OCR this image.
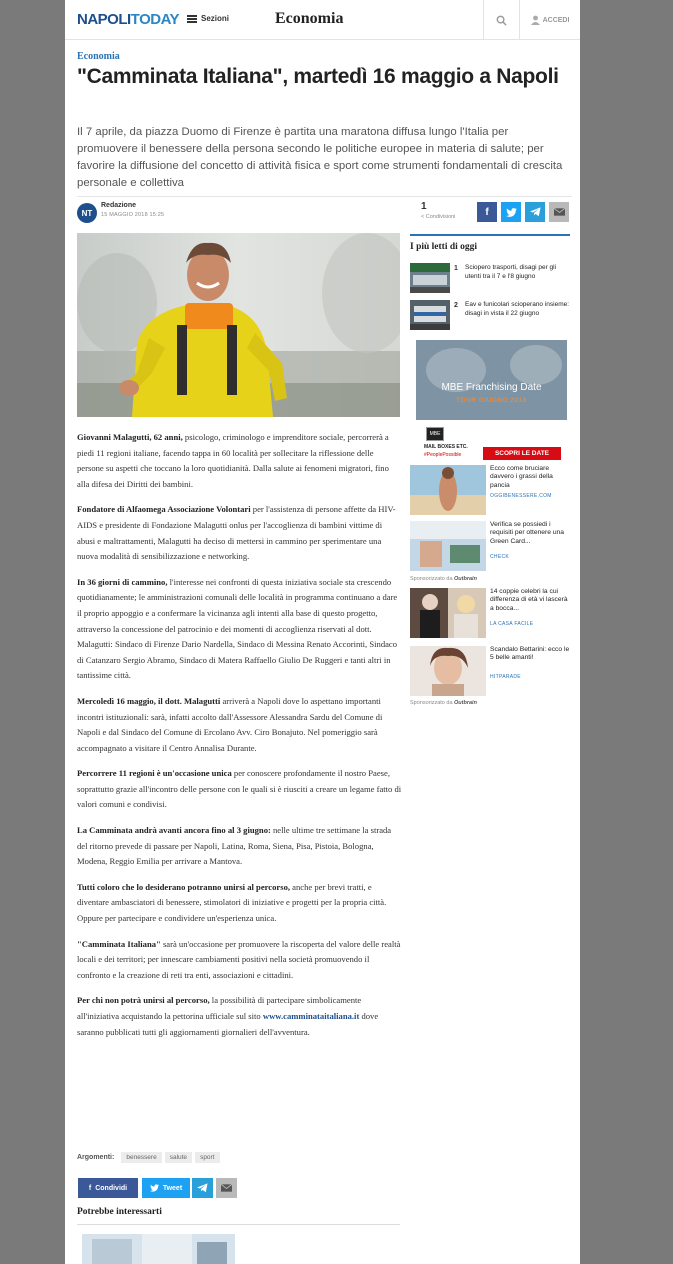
NAPOLITODAY	Sezioni	Economia	ACCEDI
Economia
"Camminata Italiana", martedì 16 maggio a Napoli

Il 7 aprile, da piazza Duomo di Firenze è partita una maratona diffusa lungo l'Italia per promuovere il benessere della persona secondo le politiche europee in materia di salute; per favorire la diffusione del concetto di attività fisica e sport come strumenti fondamentali di crescita personale e collettiva

NT
Redazione
15 MAGGIO 2018 15:25
1
< Condivisioni	f

Giovanni Malagutti, 62 anni, psicologo, criminologo e imprenditore sociale, percorrerà a piedi 11 regioni italiane, facendo tappa in 60 località per sollecitare la riflessione delle persone su aspetti che toccano la loro quotidianità. Dalla salute ai fenomeni migratori, fino alla difesa dei Diritti dei bambini.

Fondatore di Alfaomega Associazione Volontari per l'assistenza di persone affette da HIV-AIDS e presidente di Fondazione Malagutti onlus per l'accoglienza di bambini vittime di abusi e maltrattamenti, Malagutti ha deciso di mettersi in cammino per sperimentare una nuova modalità di sensibilizzazione e networking.

In 36 giorni di cammino, l'interesse nei confronti di questa iniziativa sociale sta crescendo quotidianamente; le amministrazioni comunali delle località in programma continuano a dare il proprio appoggio e a confermare la vicinanza agli intenti alla base di questo progetto, attraverso la concessione del patrocinio e dei momenti di accoglienza riservati al dott. Malagutti: Sindaco di Firenze Dario Nardella, Sindaco di Messina Renato Accorinti, Sindaco di Catanzaro Sergio Abramo, Sindaco di Matera Raffaello Giulio De Ruggeri e tanti altri in tantissime città.

Mercoledì 16 maggio, il dott. Malagutti arriverà a Napoli dove lo aspettano importanti incontri istituzionali: sarà, infatti accolto dall'Assessore Alessandra Sardu del Comune di Napoli e dal Sindaco del Comune di Ercolano Avv. Ciro Bonajuto. Nel pomeriggio sarà accompagnato a visitare il Centro Annalisa Durante.

Percorrere 11 regioni è un'occasione unica per conoscere profondamente il nostro Paese, soprattutto grazie all'incontro delle persone con le quali si è riusciti a creare un legame fatto di valori comuni e condivisi.

La Camminata andrà avanti ancora fino al 3 giugno: nelle ultime tre settimane la strada del ritorno prevede di passare per Napoli, Latina, Roma, Siena, Pisa, Pistoia, Bologna, Modena, Reggio Emilia per arrivare a Mantova.

Tutti coloro che lo desiderano potranno unirsi al percorso, anche per brevi tratti, e diventare ambasciatori di benessere, stimolatori di iniziative e progetti per la propria città. Oppure per partecipare e condividere un'esperienza unica.

"Camminata Italiana" sarà un'occasione per promuovere la riscoperta del valore delle realtà locali e dei territori; per innescare cambiamenti positivi nella società promuovendo il confronto e la creazione di reti tra enti, associazioni e cittadini.

Per chi non potrà unirsi al percorso, la possibilità di partecipare simbolicamente all'iniziativa acquistando la pettorina ufficiale sul sito www.camminataitaliana.it dove saranno pubblicati tutti gli aggiornamenti giornalieri dell'avventura.

Argomenti:	benessere	salute	sport
f Condividi	Tweet
Potrebbe interessarti
I più letti di oggi
1 Sciopero trasporti, disagi per gli utenti tra il 7 e l'8 giugno
2 Eav e funicolari scioperano insieme: disagi in vista il 22 giugno
MBE Franchising Date
TOUR GIUGNO 2018
MBE
MAIL BOXES ETC.
#PeoplePossible	SCOPRI LE DATE
Ecco come bruciare davvero i grassi della pancia
OGGIBENESSERE.COM
Verifica se possiedi i requisiti per ottenere una Green Card...
CHECK
Sponsorizzato da Outbrain
14 coppie celebri la cui differenza di età vi lascerà a bocca...
LA CASA FACILE
Scandalo Bettarini: ecco le 5 belle amanti!
HITPARADE
Sponsorizzato da Outbrain
